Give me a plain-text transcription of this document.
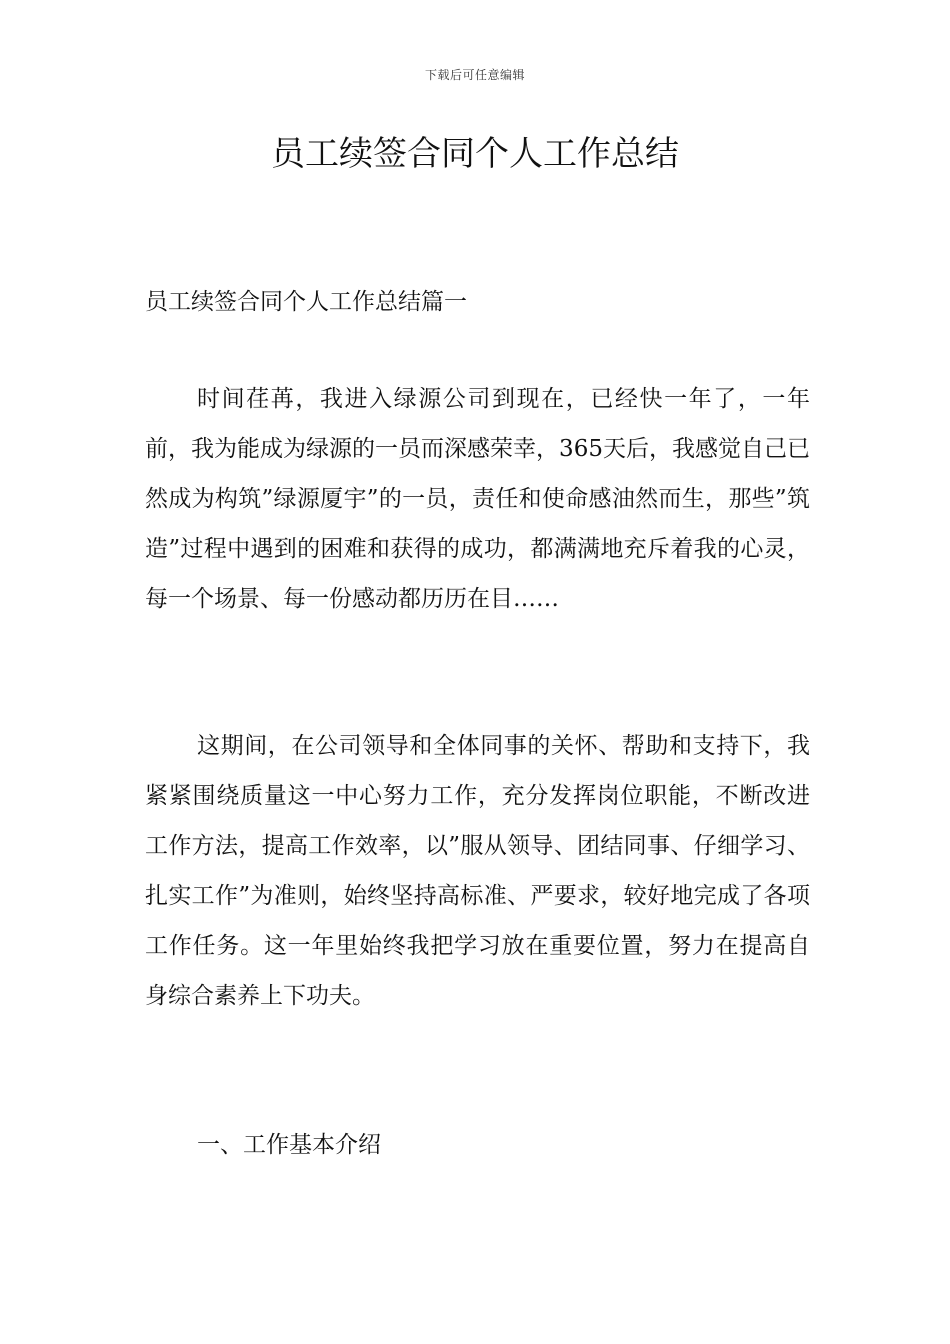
下载后可任意编辑
员工续签合同个人工作总结

员工续签合同个人工作总结篇一

时间荏苒，我进入绿源公司到现在，已经快一年了，一年前，我为能成为绿源的一员而深感荣幸，365天后，我感觉自己已然成为构筑”绿源厦宇”的一员，责任和使命感油然而生，那些”筑造”过程中遇到的困难和获得的成功，都满满地充斥着我的心灵，每一个场景、每一份感动都历历在目……

这期间，在公司领导和全体同事的关怀、帮助和支持下，我紧紧围绕质量这一中心努力工作，充分发挥岗位职能，不断改进工作方法，提高工作效率，以”服从领导、团结同事、仔细学习、扎实工作”为准则，始终坚持高标准、严要求，较好地完成了各项工作任务。这一年里始终我把学习放在重要位置，努力在提高自身综合素养上下功夫。

一、工作基本介绍
